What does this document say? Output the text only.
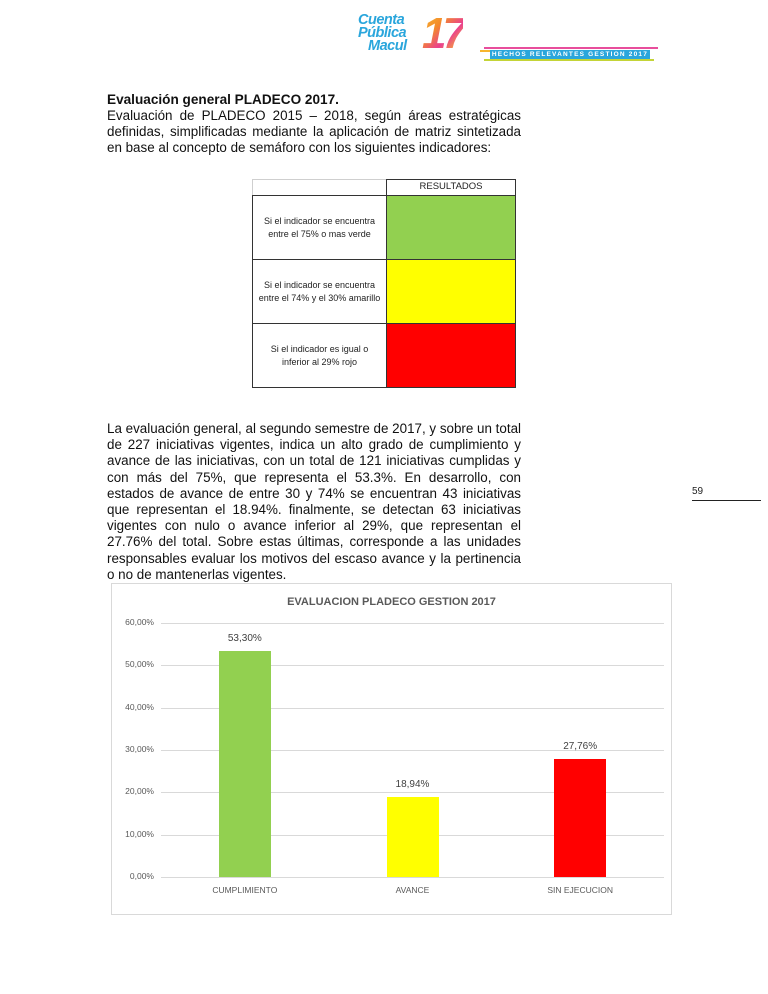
Cuenta
Pública
Macul 17	HECHOS RELEVANTES GESTION 2017
Evaluación general PLADECO 2017.

Evaluación de PLADECO 2015 – 2018, según áreas estratégicas definidas, simplificadas mediante la aplicación de matriz sintetizada en base al concepto de semáforo con los siguientes indicadores:

	RESULTADOS
Si el indicador se encuentra entre el 75% o mas verde	
Si el indicador se encuentra entre el 74% y el 30% amarillo	
Si el indicador es igual o inferior al 29% rojo	

La evaluación general, al segundo semestre de 2017, y sobre un total de 227 iniciativas vigentes, indica un alto grado de cumplimiento y avance de las iniciativas, con un total de 121 iniciativas cumplidas y con más del 75%, que representa el 53.3%. En desarrollo, con estados de avance de entre 30 y 74% se encuentran 43 iniciativas que representan el 18.94%. finalmente, se detectan 63 iniciativas vigentes con nulo o avance inferior al 29%, que representan el 27.76% del total. Sobre estas últimas, corresponde a las unidades responsables evaluar los motivos del escaso avance y la pertinencia o no de mantenerlas vigentes.

59
EVALUACION PLADECO GESTION 2017
60,00%
50,00%
40,00%
30,00%
20,00%
10,00%
0,00%
53,30%
CUMPLIMIENTO
18,94%
AVANCE
27,76%
SIN EJECUCION
